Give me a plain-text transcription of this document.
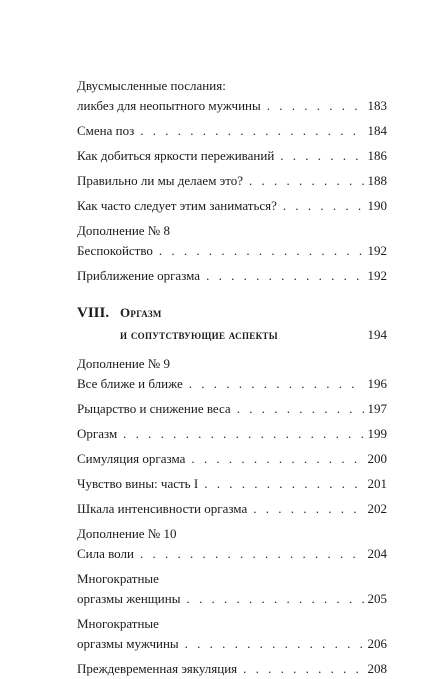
Двусмысленные послания:
ликбез для неопытного мужчины . . .	183
Смена поз . . .	184
Как добиться яркости переживаний . . .	186
Правильно ли мы делаем это? . . .	188
Как часто следует этим заниматься? . . .	190
Дополнение № 8
Беспокойство . . .	192
Приближение оргазма . . .	192
VIII. Оргазм
и сопутствующие аспекты	194
Дополнение № 9
Все ближе и ближе . . .	196
Рыцарство и снижение веса . . .	197
Оргазм . . .	199
Симуляция оргазма . . .	200
Чувство вины: часть I . . .	201
Шкала интенсивности оргазма . . .	202
Дополнение № 10
Сила воли . . .	204
Многократные
оргазмы женщины . . .	205
Многократные
оргазмы мужчины . . .	206
Преждевременная эякуляция . . .	208
